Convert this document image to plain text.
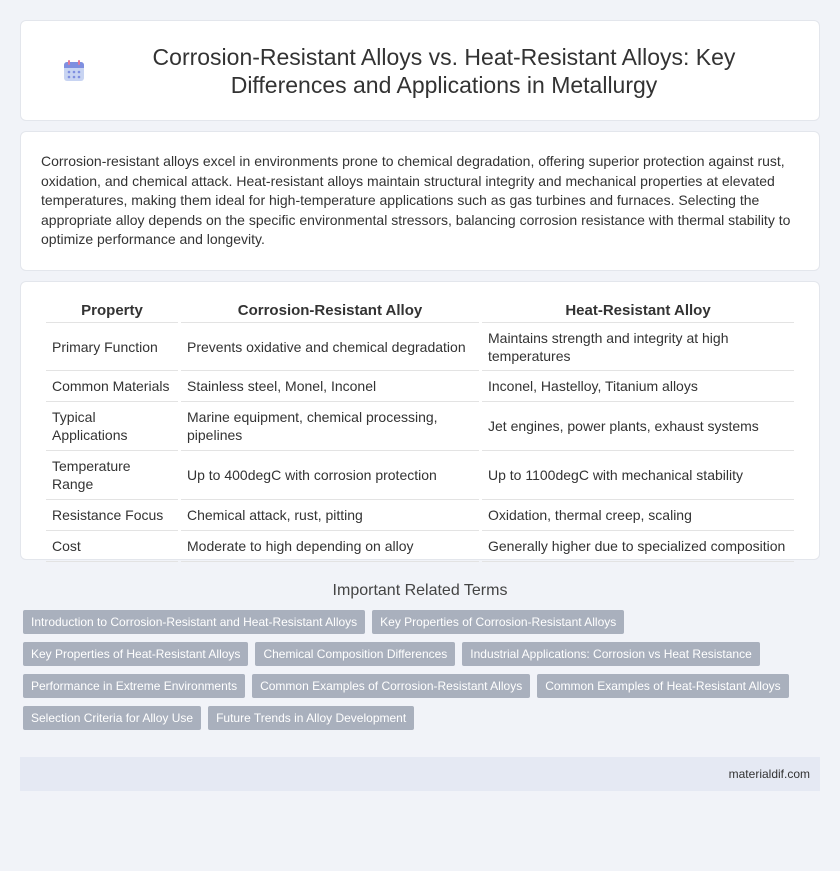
Corrosion-Resistant Alloys vs. Heat-Resistant Alloys: Key Differences and Applications in Metallurgy

Corrosion-resistant alloys excel in environments prone to chemical degradation, offering superior protection against rust, oxidation, and chemical attack. Heat-resistant alloys maintain structural integrity and mechanical properties at elevated temperatures, making them ideal for high-temperature applications such as gas turbines and furnaces. Selecting the appropriate alloy depends on the specific environmental stressors, balancing corrosion resistance with thermal stability to optimize performance and longevity.

Property	Corrosion-Resistant Alloy	Heat-Resistant Alloy
Primary Function	Prevents oxidative and chemical degradation	Maintains strength and integrity at high temperatures
Common Materials	Stainless steel, Monel, Inconel	Inconel, Hastelloy, Titanium alloys
Typical Applications	Marine equipment, chemical processing, pipelines	Jet engines, power plants, exhaust systems
Temperature Range	Up to 400degC with corrosion protection	Up to 1100degC with mechanical stability
Resistance Focus	Chemical attack, rust, pitting	Oxidation, thermal creep, scaling
Cost	Moderate to high depending on alloy	Generally higher due to specialized composition
Important Related Terms
Introduction to Corrosion-Resistant and Heat-Resistant Alloys	Key Properties of Corrosion-Resistant Alloys
Key Properties of Heat-Resistant Alloys	Chemical Composition Differences	Industrial Applications: Corrosion vs Heat Resistance
Performance in Extreme Environments	Common Examples of Corrosion-Resistant Alloys	Common Examples of Heat-Resistant Alloys
Selection Criteria for Alloy Use	Future Trends in Alloy Development
materialdif.com
